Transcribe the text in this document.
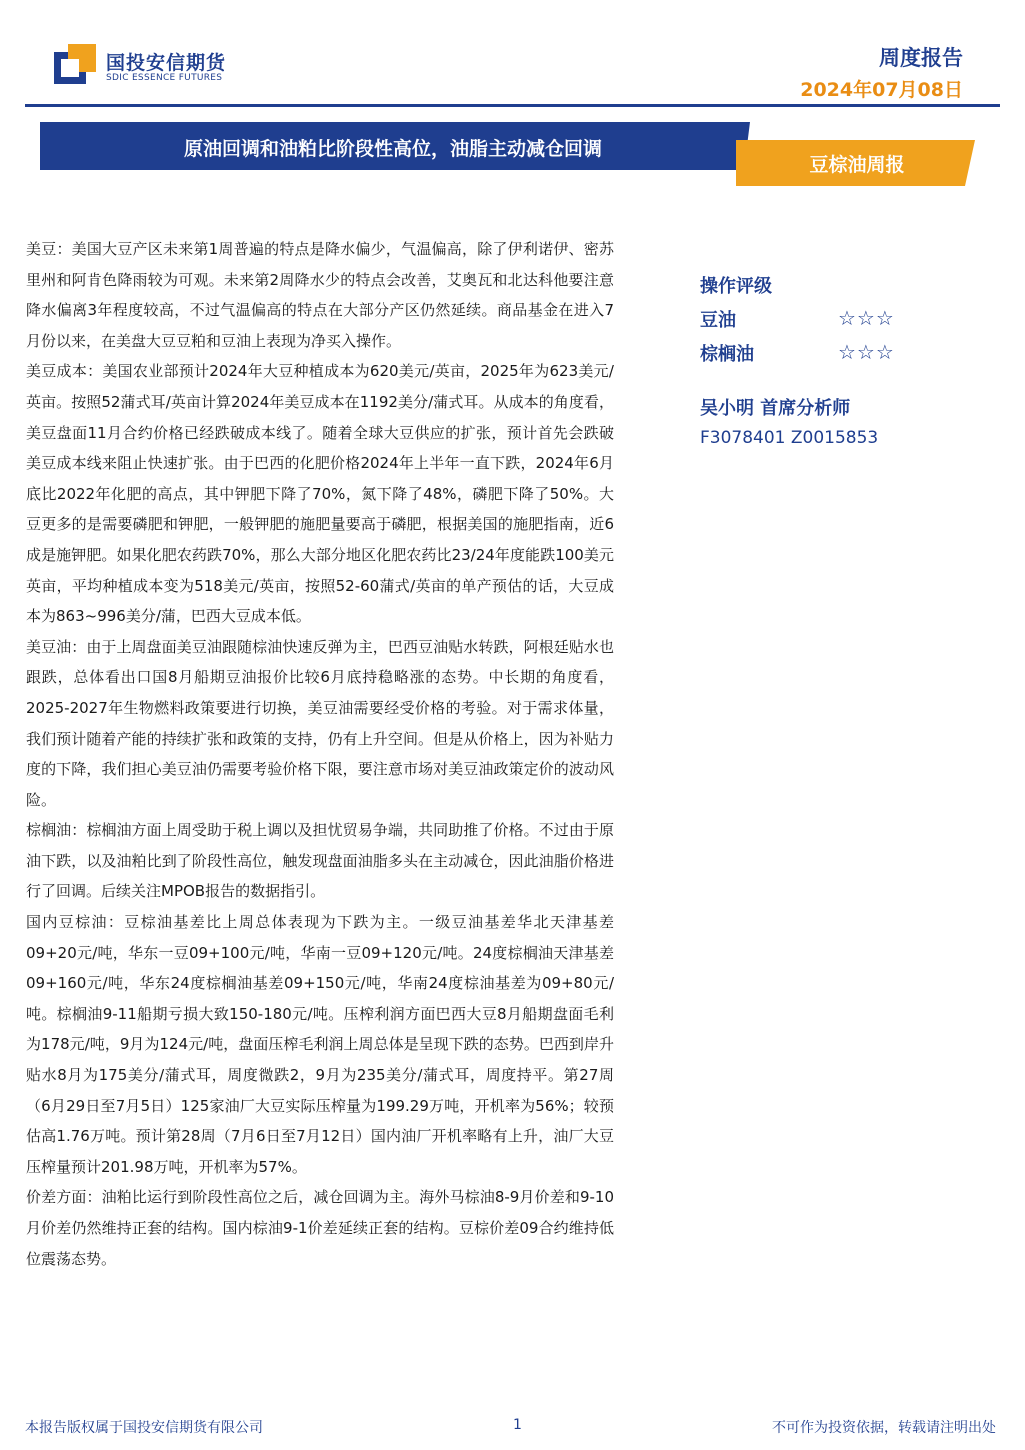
国投安信期货
SDIC ESSENCE FUTURES
周度报告
2024年07月08日
原油回调和油粕比阶段性高位，油脂主动减仓回调
豆棕油周报

美豆：美国大豆产区未来第1周普遍的特点是降水偏少，气温偏高，除了伊利诺伊、密苏里州和阿肯色降雨较为可观。未来第2周降水少的特点会改善，艾奥瓦和北达科他要注意降水偏离3年程度较高，不过气温偏高的特点在大部分产区仍然延续。商品基金在进入7月份以来，在美盘大豆豆粕和豆油上表现为净买入操作。

美豆成本：美国农业部预计2024年大豆种植成本为620美元/英亩，2025年为623美元/英亩。按照52蒲式耳/英亩计算2024年美豆成本在1192美分/蒲式耳。从成本的角度看，美豆盘面11月合约价格已经跌破成本线了。随着全球大豆供应的扩张，预计首先会跌破美豆成本线来阻止快速扩张。由于巴西的化肥价格2024年上半年一直下跌，2024年6月底比2022年化肥的高点，其中钾肥下降了70%，氮下降了48%，磷肥下降了50%。大豆更多的是需要磷肥和钾肥，一般钾肥的施肥量要高于磷肥，根据美国的施肥指南，近6成是施钾肥。如果化肥农药跌70%，那么大部分地区化肥农药比23/24年度能跌100美元英亩，平均种植成本变为518美元/英亩，按照52-60蒲式/英亩的单产预估的话，大豆成本为863~996美分/蒲，巴西大豆成本低。

美豆油：由于上周盘面美豆油跟随棕油快速反弹为主，巴西豆油贴水转跌，阿根廷贴水也跟跌，总体看出口国8月船期豆油报价比较6月底持稳略涨的态势。中长期的角度看，2025-2027年生物燃料政策要进行切换，美豆油需要经受价格的考验。对于需求体量，我们预计随着产能的持续扩张和政策的支持，仍有上升空间。但是从价格上，因为补贴力度的下降，我们担心美豆油仍需要考验价格下限，要注意市场对美豆油政策定价的波动风险。

棕榈油：棕榈油方面上周受助于税上调以及担忧贸易争端，共同助推了价格。不过由于原油下跌，以及油粕比到了阶段性高位，触发现盘面油脂多头在主动减仓，因此油脂价格进行了回调。后续关注MPOB报告的数据指引。

国内豆棕油：豆棕油基差比上周总体表现为下跌为主。一级豆油基差华北天津基差09+20元/吨，华东一豆09+100元/吨，华南一豆09+120元/吨。24度棕榈油天津基差09+160元/吨，华东24度棕榈油基差09+150元/吨，华南24度棕油基差为09+80元/吨。棕榈油9-11船期亏损大致150-180元/吨。压榨利润方面巴西大豆8月船期盘面毛利为178元/吨，9月为124元/吨，盘面压榨毛利润上周总体是呈现下跌的态势。巴西到岸升贴水8月为175美分/蒲式耳，周度微跌2，9月为235美分/蒲式耳，周度持平。第27周（6月29日至7月5日）125家油厂大豆实际压榨量为199.29万吨，开机率为56%；较预估高1.76万吨。预计第28周（7月6日至7月12日）国内油厂开机率略有上升，油厂大豆压榨量预计201.98万吨，开机率为57%。

价差方面：油粕比运行到阶段性高位之后，减仓回调为主。海外马棕油8-9月价差和9-10月价差仍然维持正套的结构。国内棕油9-1价差延续正套的结构。豆棕价差09合约维持低位震荡态势。

操作评级
豆油	☆☆☆
棕榈油	☆☆☆
吴小明 首席分析师
F3078401 Z0015853
本报告版权属于国投安信期货有限公司	1	不可作为投资依据，转载请注明出处
